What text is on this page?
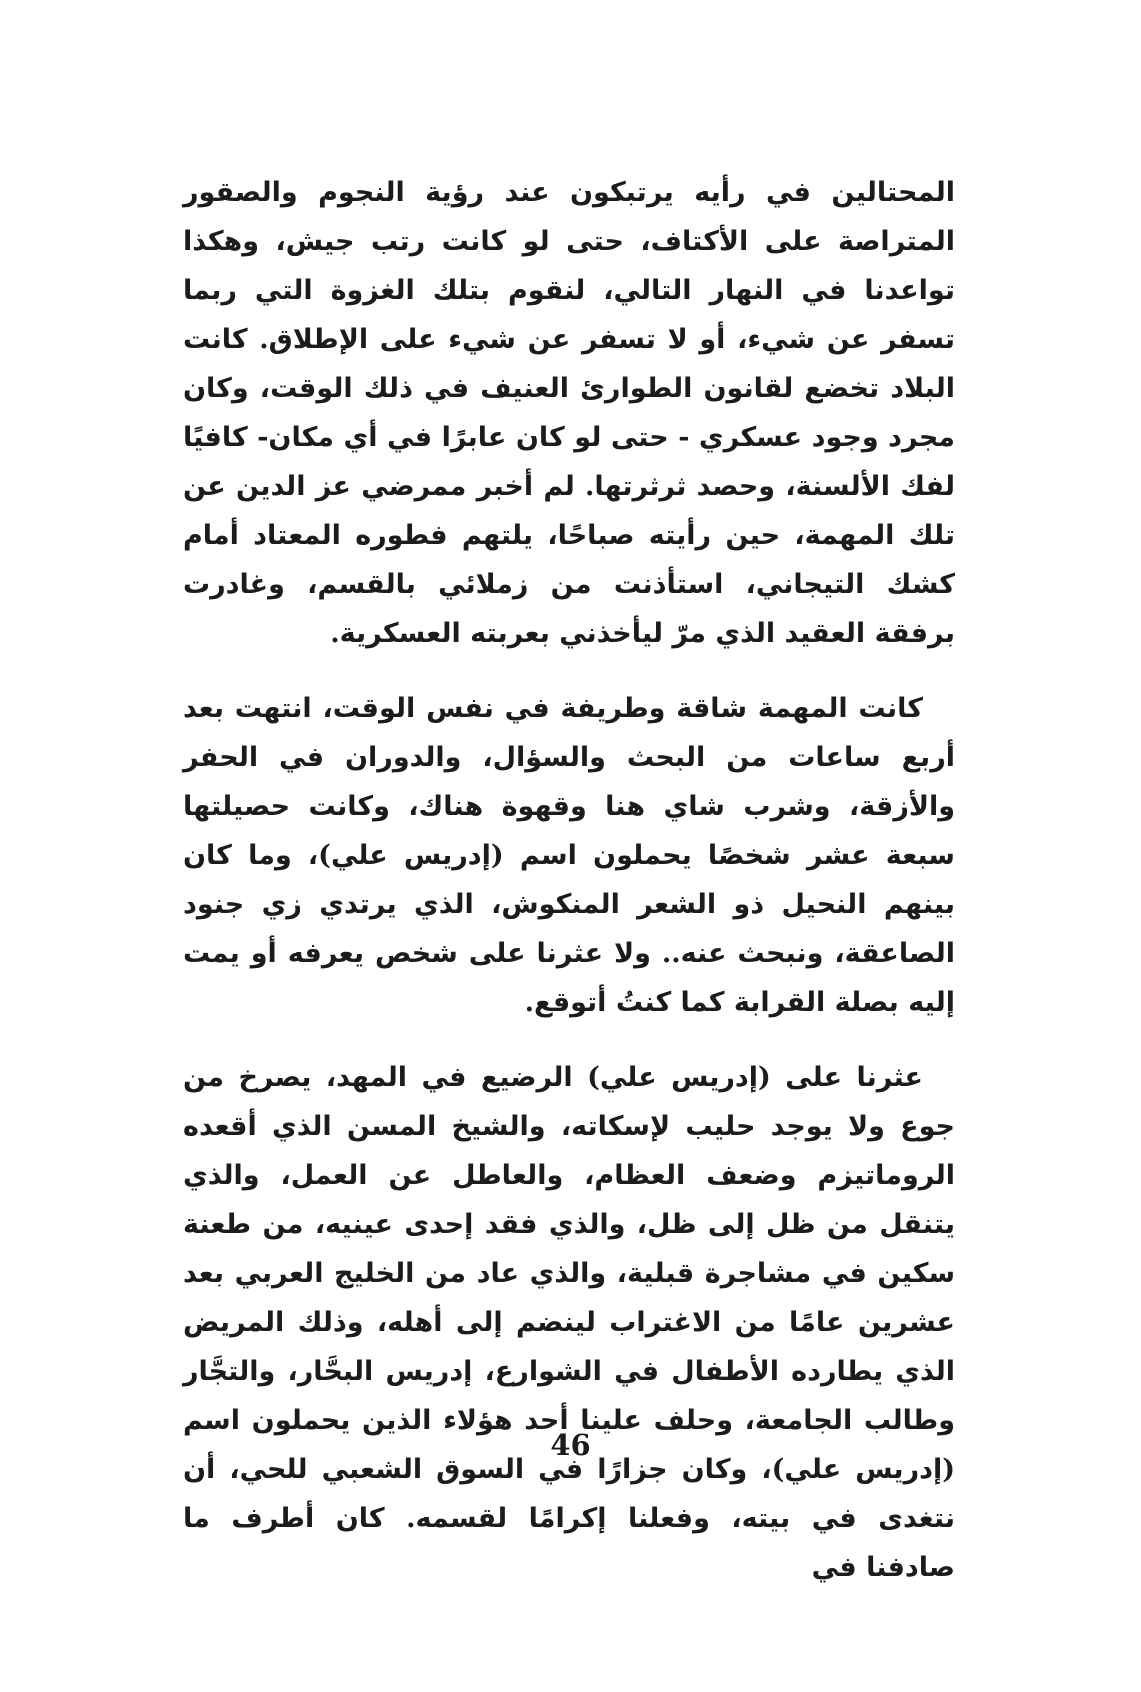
المحتالين في رأيه يرتبكون عند رؤية النجوم والصقور المتراصة على الأكتاف، حتى لو كانت رتب جيش، وهكذا تواعدنا في النهار التالي، لنقوم بتلك الغزوة التي ربما تسفر عن شيء، أو لا تسفر عن شيء على الإطلاق. كانت البلاد تخضع لقانون الطوارئ العنيف في ذلك الوقت، وكان مجرد وجود عسكري - حتى لو كان عابرًا في أي مكان- كافيًا لفك الألسنة، وحصد ثرثرتها. لم أخبر ممرضي عز الدين عن تلك المهمة، حين رأيته صباحًا، يلتهم فطوره المعتاد أمام كشك التيجاني، استأذنت من زملائي بالقسم، وغادرت برفقة العقيد الذي مرّ ليأخذني بعربته العسكرية.

كانت المهمة شاقة وطريفة في نفس الوقت، انتهت بعد أربع ساعات من البحث والسؤال، والدوران في الحفر والأزقة، وشرب شاي هنا وقهوة هناك، وكانت حصيلتها سبعة عشر شخصًا يحملون اسم (إدريس علي)، وما كان بينهم النحيل ذو الشعر المنكوش، الذي يرتدي زي جنود الصاعقة، ونبحث عنه.. ولا عثرنا على شخص يعرفه أو يمت إليه بصلة القرابة كما كنتُ أتوقع.

عثرنا على (إدريس علي) الرضيع في المهد، يصرخ من جوع ولا يوجد حليب لإسكاته، والشيخ المسن الذي أقعده الروماتيزم وضعف العظام، والعاطل عن العمل، والذي يتنقل من ظل إلى ظل، والذي فقد إحدى عينيه، من طعنة سكين في مشاجرة قبلية، والذي عاد من الخليج العربي بعد عشرين عامًا من الاغتراب لينضم إلى أهله، وذلك المريض الذي يطارده الأطفال في الشوارع، إدريس البحَّار، والتجَّار وطالب الجامعة، وحلف علينا أحد هؤلاء الذين يحملون اسم (إدريس علي)، وكان جزارًا في السوق الشعبي للحي، أن نتغدى في بيته، وفعلنا إكرامًا لقسمه. كان أطرف ما صادفنا في

46
